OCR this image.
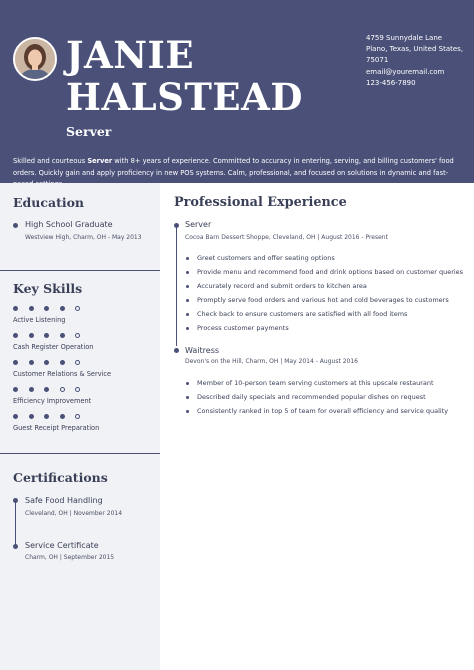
JANIE
HALSTEAD
Server
4759 Sunnydale Lane
Plano, Texas, United States,
75071
email@youremail.com
123-456-7890

Skilled and courteous Server with 8+ years of experience. Committed to accuracy in entering, serving, and billing customers' food orders. Quickly gain and apply proficiency in new POS systems. Calm, professional, and focused on solutions in dynamic and fast-

Education
High School Graduate
Westview High, Charm, OH - May 2013
Key Skills
Active Listening
Cash Register Operation
Customer Relations & Service
Efficiency Improvement
Guest Receipt Preparation
Certifications
Safe Food Handling
Cleveland, OH | November 2014
Service Certificate
Charm, OH | September 2015
Professional Experience
Server
Cocoa Barn Dessert Shoppe, Cleveland, OH | August 2016 - Present
Greet customers and offer seating options
Provide menu and recommend food and drink options based on customer queries
Accurately record and submit orders to kitchen area
Promptly serve food orders and various hot and cold beverages to customers
Check back to ensure customers are satisfied with all food items
Process customer payments
Waitress
Devon's on the Hill, Charm, OH | May 2014 - August 2016
Member of 10-person team serving customers at this upscale restaurant
Described daily specials and recommended popular dishes on request
Consistently ranked in top 5 of team for overall efficiency and service quality
